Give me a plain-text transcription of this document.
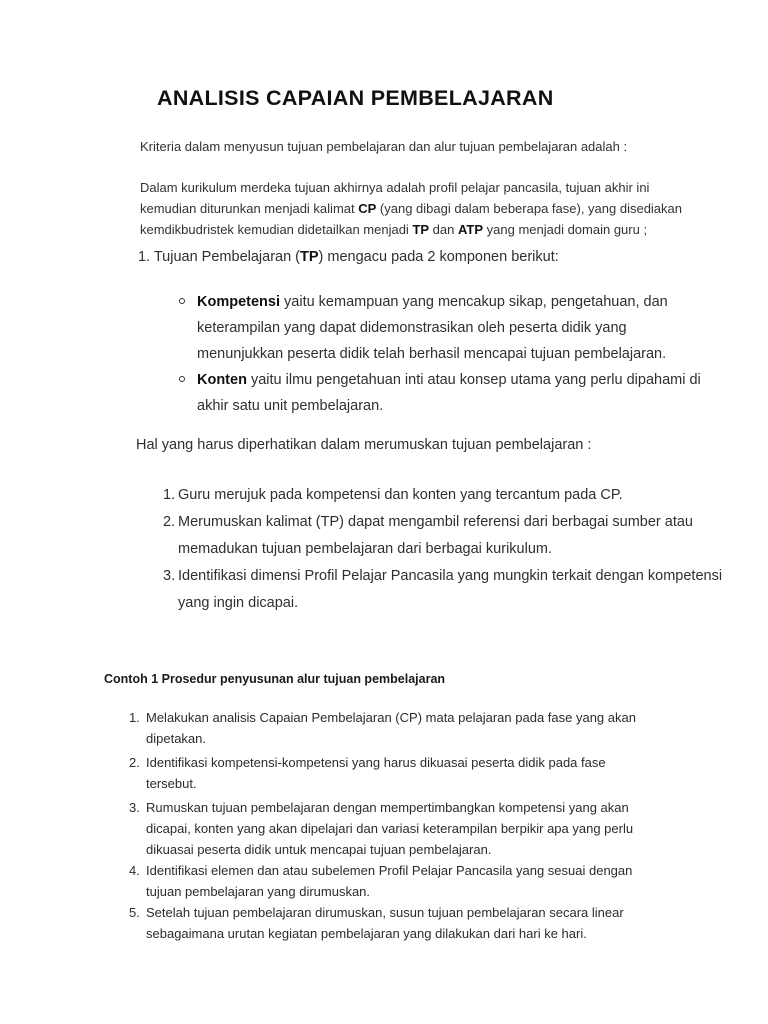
ANALISIS CAPAIAN PEMBELAJARAN

Kriteria dalam menyusun tujuan pembelajaran dan alur tujuan pembelajaran adalah :

Dalam kurikulum merdeka tujuan akhirnya adalah profil pelajar pancasila, tujuan akhir ini

kemudian diturunkan menjadi kalimat CP (yang dibagi dalam beberapa fase), yang disediakan

kemdikbudristek kemudian didetailkan menjadi TP dan ATP yang menjadi domain guru ;

1. Tujuan Pembelajaran (TP) mengacu pada 2 komponen berikut:

Kompetensi yaitu kemampuan yang mencakup sikap, pengetahuan, dan

keterampilan yang dapat didemonstrasikan oleh peserta didik yang

menunjukkan peserta didik telah berhasil mencapai tujuan pembelajaran.

Konten yaitu ilmu pengetahuan inti atau konsep utama yang perlu dipahami di

akhir satu unit pembelajaran.

Hal yang harus diperhatikan dalam merumuskan tujuan pembelajaran :

1. Guru merujuk pada kompetensi dan konten yang tercantum pada CP.
2. Merumuskan kalimat (TP) dapat mengambil referensi dari berbagai sumber atau
memadukan tujuan pembelajaran dari berbagai kurikulum.
3. Identifikasi dimensi Profil Pelajar Pancasila yang mungkin terkait dengan kompetensi
yang ingin dicapai.

Contoh 1 Prosedur penyusunan alur tujuan pembelajaran

1. Melakukan analisis Capaian Pembelajaran (CP) mata pelajaran pada fase yang akan
dipetakan.
2. Identifikasi kompetensi-kompetensi yang harus dikuasai peserta didik pada fase
tersebut.
3. Rumuskan tujuan pembelajaran dengan mempertimbangkan kompetensi yang akan
dicapai, konten yang akan dipelajari dan variasi keterampilan berpikir apa yang perlu
dikuasai peserta didik untuk mencapai tujuan pembelajaran.
4. Identifikasi elemen dan atau subelemen Profil Pelajar Pancasila yang sesuai dengan
tujuan pembelajaran yang dirumuskan.
5. Setelah tujuan pembelajaran dirumuskan, susun tujuan pembelajaran secara linear
sebagaimana urutan kegiatan pembelajaran yang dilakukan dari hari ke hari.
